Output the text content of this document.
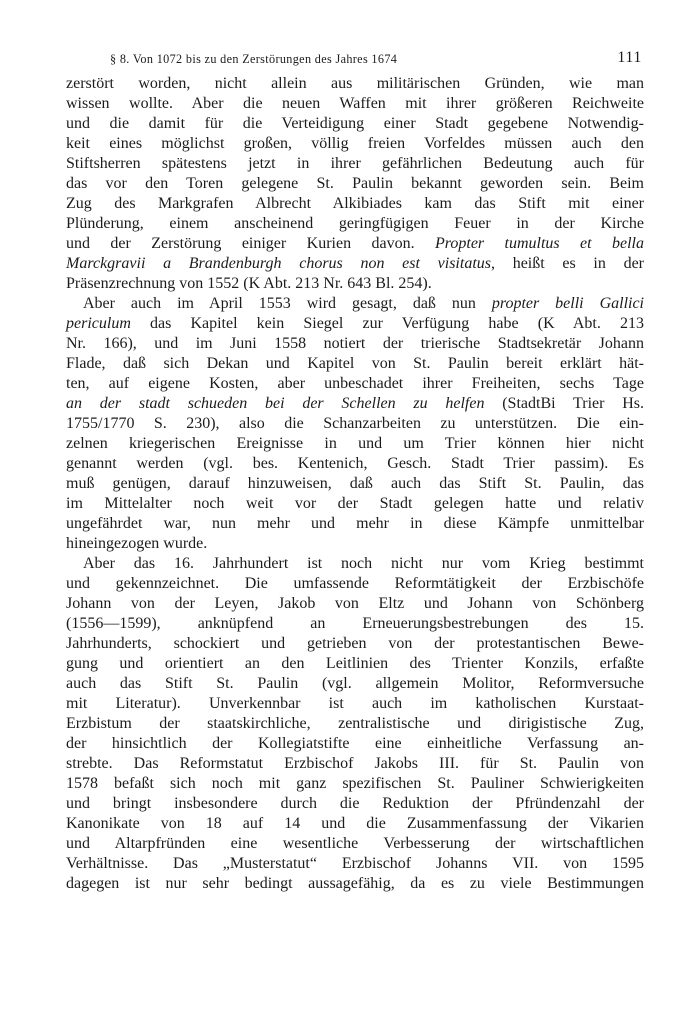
§ 8. Von 1072 bis zu den Zerstörungen des Jahres 1674	111
zerstört worden, nicht allein aus militärischen Gründen, wie man
wissen wollte. Aber die neuen Waffen mit ihrer größeren Reichweite
und die damit für die Verteidigung einer Stadt gegebene Notwendig-
keit eines möglichst großen, völlig freien Vorfeldes müssen auch den
Stiftsherren spätestens jetzt in ihrer gefährlichen Bedeutung auch für
das vor den Toren gelegene St. Paulin bekannt geworden sein. Beim
Zug des Markgrafen Albrecht Alkibiades kam das Stift mit einer
Plünderung, einem anscheinend geringfügigen Feuer in der Kirche
und der Zerstörung einiger Kurien davon. Propter tumultus et bella
Marckgravii a Brandenburgh chorus non est visitatus, heißt es in der
Präsenzrechnung von 1552 (K Abt. 213 Nr. 643 Bl. 254).
Aber auch im April 1553 wird gesagt, daß nun propter belli Gallici
periculum das Kapitel kein Siegel zur Verfügung habe (K Abt. 213
Nr. 166), und im Juni 1558 notiert der trierische Stadtsekretär Johann
Flade, daß sich Dekan und Kapitel von St. Paulin bereit erklärt hät-
ten, auf eigene Kosten, aber unbeschadet ihrer Freiheiten, sechs Tage
an der stadt schueden bei der Schellen zu helfen (StadtBi Trier Hs.
1755/1770 S. 230), also die Schanzarbeiten zu unterstützen. Die ein-
zelnen kriegerischen Ereignisse in und um Trier können hier nicht
genannt werden (vgl. bes. Kentenich, Gesch. Stadt Trier passim). Es
muß genügen, darauf hinzuweisen, daß auch das Stift St. Paulin, das
im Mittelalter noch weit vor der Stadt gelegen hatte und relativ
ungefährdet war, nun mehr und mehr in diese Kämpfe unmittelbar
hineingezogen wurde.
Aber das 16. Jahrhundert ist noch nicht nur vom Krieg bestimmt
und gekennzeichnet. Die umfassende Reformtätigkeit der Erzbischöfe
Johann von der Leyen, Jakob von Eltz und Johann von Schönberg
(1556—1599), anknüpfend an Erneuerungsbestrebungen des 15.
Jahrhunderts, schockiert und getrieben von der protestantischen Bewe-
gung und orientiert an den Leitlinien des Trienter Konzils, erfaßte
auch das Stift St. Paulin (vgl. allgemein Molitor, Reformversuche
mit Literatur). Unverkennbar ist auch im katholischen Kurstaat-
Erzbistum der staatskirchliche, zentralistische und dirigistische Zug,
der hinsichtlich der Kollegiatstifte eine einheitliche Verfassung an-
strebte. Das Reformstatut Erzbischof Jakobs III. für St. Paulin von
1578 befaßt sich noch mit ganz spezifischen St. Pauliner Schwierigkeiten
und bringt insbesondere durch die Reduktion der Pfründenzahl der
Kanonikate von 18 auf 14 und die Zusammenfassung der Vikarien
und Altarpfründen eine wesentliche Verbesserung der wirtschaftlichen
Verhältnisse. Das „Musterstatut“ Erzbischof Johanns VII. von 1595
dagegen ist nur sehr bedingt aussagefähig, da es zu viele Bestimmungen
